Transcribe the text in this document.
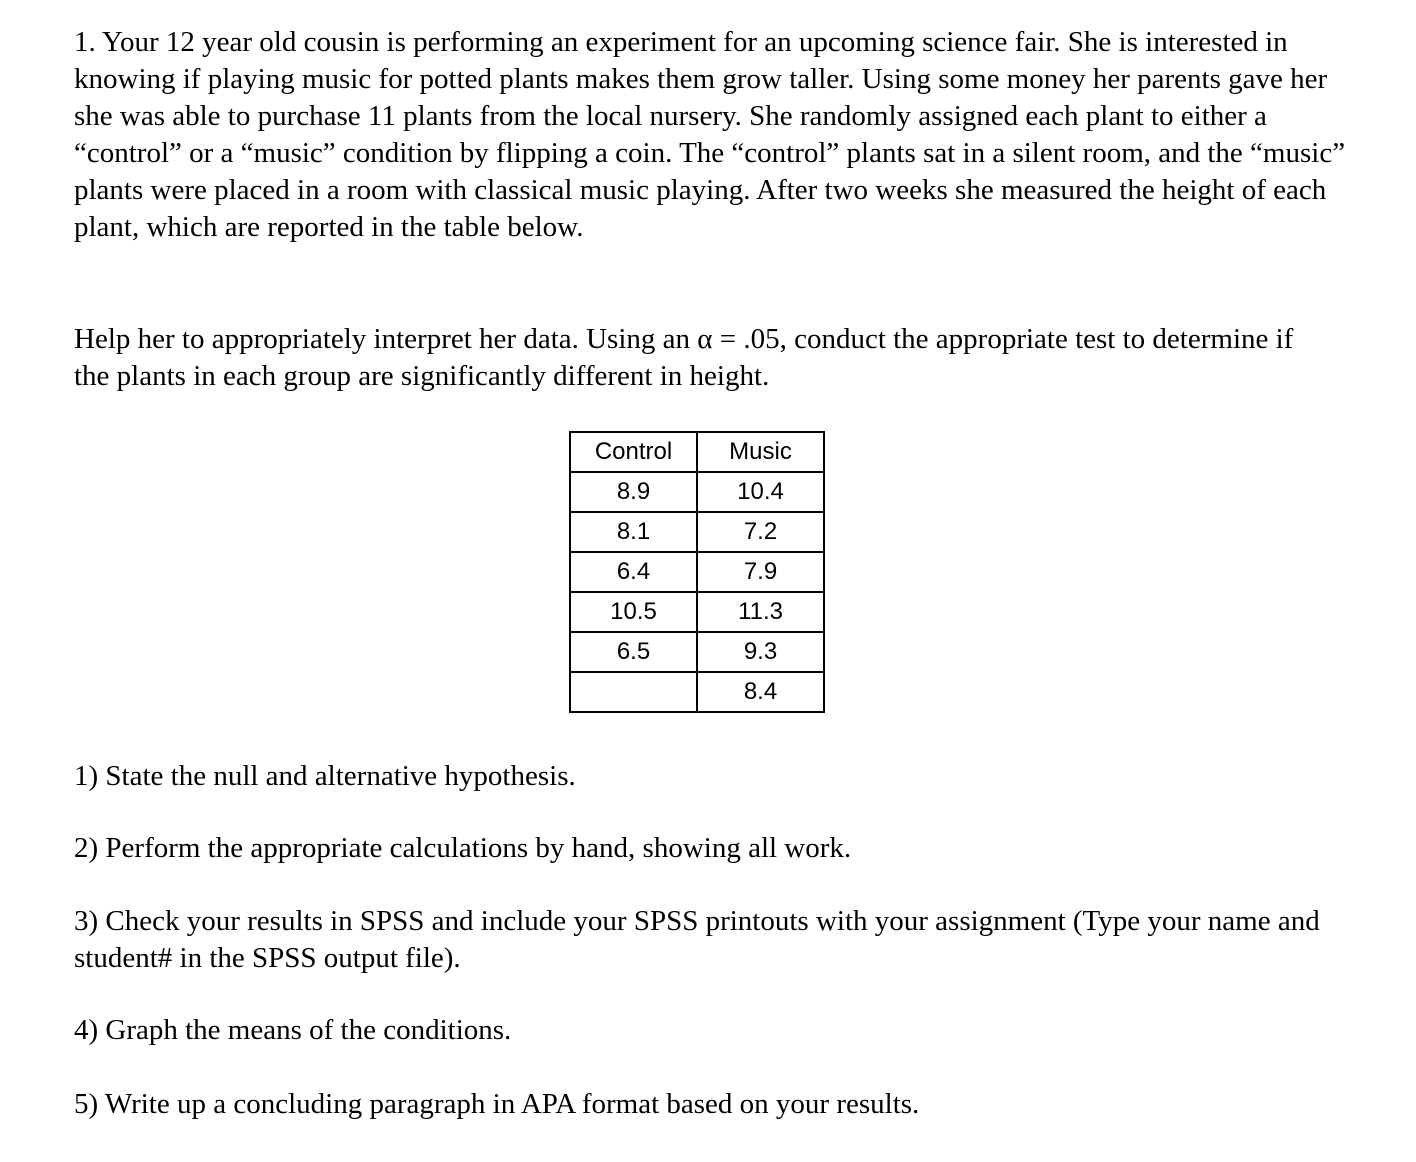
1. Your 12 year old cousin is performing an experiment for an upcoming science fair. She is interested in knowing if playing music for potted plants makes them grow taller. Using some money her parents gave her she was able to purchase 11 plants from the local nursery. She randomly assigned each plant to either a “control” or a “music” condition by flipping a coin. The “control” plants sat in a silent room, and the “music” plants were placed in a room with classical music playing. After two weeks she measured the height of each plant, which are reported in the table below.

Help her to appropriately interpret her data. Using an α = .05, conduct the appropriate test to determine if the plants in each group are significantly different in height.

Control	Music
8.9	10.4
8.1	7.2
6.4	7.9
10.5	11.3
6.5	9.3
	8.4

1) State the null and alternative hypothesis.

2) Perform the appropriate calculations by hand, showing all work.

3) Check your results in SPSS and include your SPSS printouts with your assignment (Type your name and student# in the SPSS output file).

4) Graph the means of the conditions.

5) Write up a concluding paragraph in APA format based on your results.
